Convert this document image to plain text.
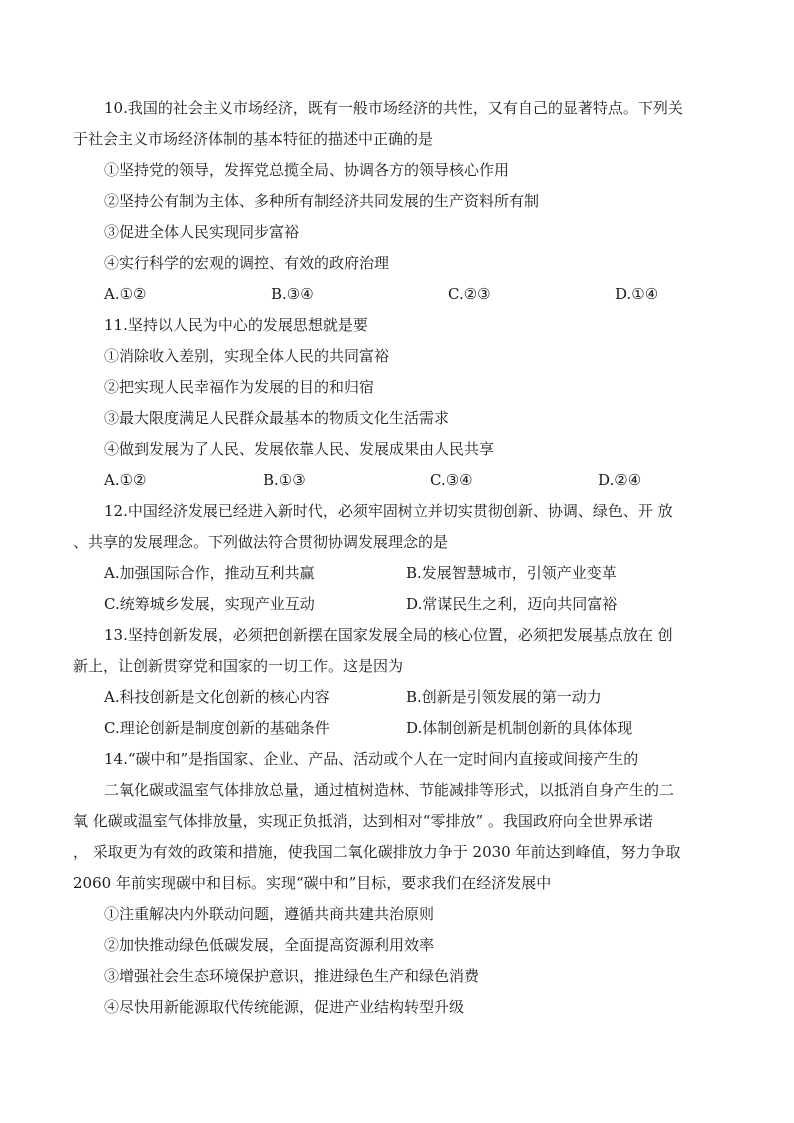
10.我国的社会主义市场经济，既有一般市场经济的共性，又有自己的显著特点。下列关
于社会主义市场经济体制的基本特征的描述中正确的是
①坚持党的领导，发挥党总揽全局、协调各方的领导核心作用
②坚持公有制为主体、多种所有制经济共同发展的生产资料所有制
③促进全体人民实现同步富裕
④实行科学的宏观的调控、有效的政府治理
A.①②	B.③④	C.②③	D.①④
11.坚持以人民为中心的发展思想就是要
①消除收入差别，实现全体人民的共同富裕
②把实现人民幸福作为发展的目的和归宿
③最大限度满足人民群众最基本的物质文化生活需求
④做到发展为了人民、发展依靠人民、发展成果由人民共享
A.①②	B.①③	C.③④	D.②④
12.中国经济发展已经进入新时代，必须牢固树立并切实贯彻创新、协调、绿色、开 放
、共享的发展理念。下列做法符合贯彻协调发展理念的是
A.加强国际合作，推动互利共赢	B.发展智慧城市，引领产业变革
C.统筹城乡发展，实现产业互动	D.常谋民生之利，迈向共同富裕
13.坚持创新发展，必须把创新摆在国家发展全局的核心位置，必须把发展基点放在 创
新上，让创新贯穿党和国家的一切工作。这是因为
A.科技创新是文化创新的核心内容	B.创新是引领发展的第一动力
C.理论创新是制度创新的基础条件	D.体制创新是机制创新的具体体现
14.“碳中和”是指国家、企业、产品、活动或个人在一定时间内直接或间接产生的
二氧化碳或温室气体排放总量，通过植树造林、节能减排等形式，以抵消自身产生的二
氧 化碳或温室气体排放量，实现正负抵消，达到相对“零排放” 。我国政府向全世界承诺
， 采取更为有效的政策和措施，使我国二氧化碳排放力争于 2030 年前达到峰值，努力争取
2060 年前实现碳中和目标。实现“碳中和”目标，要求我们在经济发展中
①注重解决内外联动问题，遵循共商共建共治原则
②加快推动绿色低碳发展，全面提高资源利用效率
③增强社会生态环境保护意识，推进绿色生产和绿色消费
④尽快用新能源取代传统能源，促进产业结构转型升级
